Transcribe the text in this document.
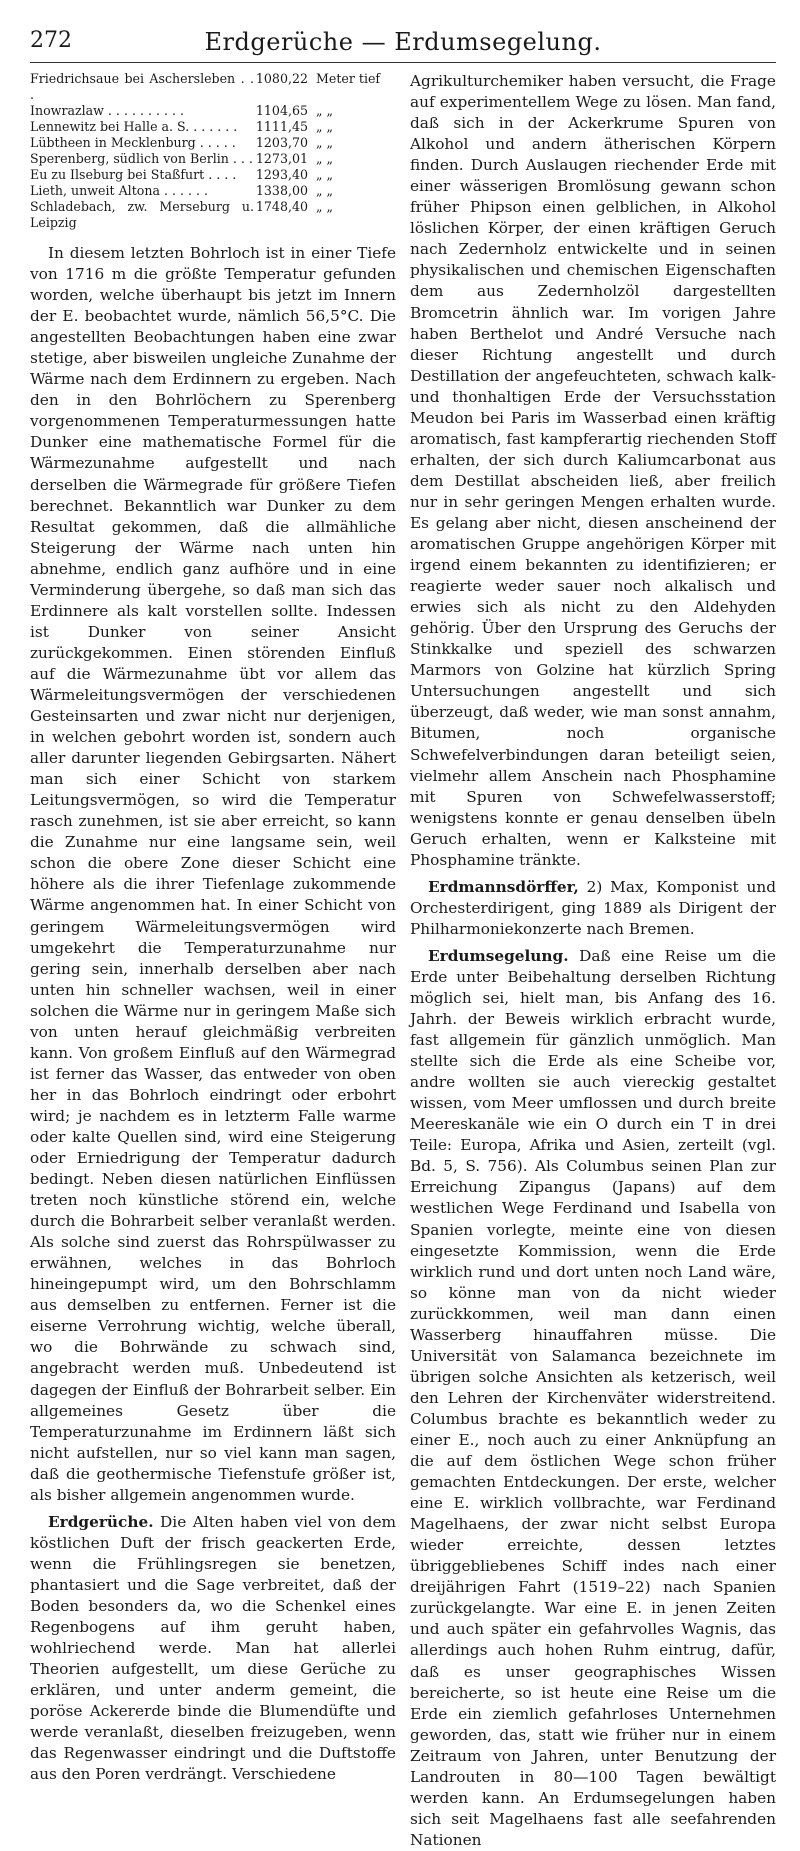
272	Erdgerüche — Erdumsegelung.
Friedrichsaue bei Aschersleben . . .	1080,22	Meter tief
Inowrazlaw . . . . . . . . . .	1104,65	„ „
Lennewitz bei Halle a. S. . . . . . .	1111,45	„ „
Lübtheen in Mecklenburg . . . . .	1203,70	„ „
Sperenberg, südlich von Berlin . . .	1273,01	„ „
Eu zu Ilseburg bei Staßfurt . . . .	1293,40	„ „
Lieth, unweit Altona . . . . . .	1338,00	„ „
Schladebach, zw. Merseburg u. Leipzig	1748,40	„ „

In diesem letzten Bohrloch ist in einer Tiefe von 1716 m die größte Temperatur gefunden worden, welche überhaupt bis jetzt im Innern der E. beobachtet wurde, nämlich 56,5°C. Die angestellten Beobachtungen haben eine zwar stetige, aber bisweilen ungleiche Zunahme der Wärme nach dem Erdinnern zu ergeben. Nach den in den Bohrlöchern zu Sperenberg vorgenommenen Temperaturmessungen hatte Dunker eine mathematische Formel für die Wärmezunahme aufgestellt und nach derselben die Wärmegrade für größere Tiefen berechnet. Bekanntlich war Dunker zu dem Resultat gekommen, daß die allmähliche Steigerung der Wärme nach unten hin abnehme, endlich ganz aufhöre und in eine Verminderung übergehe, so daß man sich das Erdinnere als kalt vorstellen sollte. Indessen ist Dunker von seiner Ansicht zurückgekommen. Einen störenden Einfluß auf die Wärmezunahme übt vor allem das Wärmeleitungsvermögen der verschiedenen Gesteinsarten und zwar nicht nur derjenigen, in welchen gebohrt worden ist, sondern auch aller darunter liegenden Gebirgsarten. Nähert man sich einer Schicht von starkem Leitungsvermögen, so wird die Temperatur rasch zunehmen, ist sie aber erreicht, so kann die Zunahme nur eine langsame sein, weil schon die obere Zone dieser Schicht eine höhere als die ihrer Tiefenlage zukommende Wärme angenommen hat. In einer Schicht von geringem Wärmeleitungsvermögen wird umgekehrt die Temperaturzunahme nur gering sein, innerhalb derselben aber nach unten hin schneller wachsen, weil in einer solchen die Wärme nur in geringem Maße sich von unten herauf gleichmäßig verbreiten kann. Von großem Einfluß auf den Wärmegrad ist ferner das Wasser, das entweder von oben her in das Bohrloch eindringt oder erbohrt wird; je nachdem es in letzterm Falle warme oder kalte Quellen sind, wird eine Steigerung oder Erniedrigung der Temperatur dadurch bedingt. Neben diesen natürlichen Einflüssen treten noch künstliche störend ein, welche durch die Bohrarbeit selber veranlaßt werden. Als solche sind zuerst das Rohrspülwasser zu erwähnen, welches in das Bohrloch hineingepumpt wird, um den Bohrschlamm aus demselben zu entfernen. Ferner ist die eiserne Verrohrung wichtig, welche überall, wo die Bohrwände zu schwach sind, angebracht werden muß. Unbedeutend ist dagegen der Einfluß der Bohrarbeit selber. Ein allgemeines Gesetz über die Temperaturzunahme im Erdinnern läßt sich nicht aufstellen, nur so viel kann man sagen, daß die geothermische Tiefenstufe größer ist, als bisher allgemein angenommen wurde.

Erdgerüche. Die Alten haben viel von dem köstlichen Duft der frisch geackerten Erde, wenn die Frühlingsregen sie benetzen, phantasiert und die Sage verbreitet, daß der Boden besonders da, wo die Schenkel eines Regenbogens auf ihm geruht haben, wohlriechend werde. Man hat allerlei Theorien aufgestellt, um diese Gerüche zu erklären, und unter anderm gemeint, die poröse Ackererde binde die Blumendüfte und werde veranlaßt, dieselben freizugeben, wenn das Regenwasser eindringt und die Duftstoffe aus den Poren verdrängt. Verschiedene

Agrikulturchemiker haben versucht, die Frage auf experimentellem Wege zu lösen. Man fand, daß sich in der Ackerkrume Spuren von Alkohol und andern ätherischen Körpern finden. Durch Auslaugen riechender Erde mit einer wässerigen Bromlösung gewann schon früher Phipson einen gelblichen, in Alkohol löslichen Körper, der einen kräftigen Geruch nach Zedernholz entwickelte und in seinen physikalischen und chemischen Eigenschaften dem aus Zedernholzöl dargestellten Bromcetrin ähnlich war. Im vorigen Jahre haben Berthelot und André Versuche nach dieser Richtung angestellt und durch Destillation der angefeuchteten, schwach kalk- und thonhaltigen Erde der Versuchsstation Meudon bei Paris im Wasserbad einen kräftig aromatisch, fast kampferartig riechenden Stoff erhalten, der sich durch Kaliumcarbonat aus dem Destillat abscheiden ließ, aber freilich nur in sehr geringen Mengen erhalten wurde. Es gelang aber nicht, diesen anscheinend der aromatischen Gruppe angehörigen Körper mit irgend einem bekannten zu identifizieren; er reagierte weder sauer noch alkalisch und erwies sich als nicht zu den Aldehyden gehörig. Über den Ursprung des Geruchs der Stinkkalke und speziell des schwarzen Marmors von Golzine hat kürzlich Spring Untersuchungen angestellt und sich überzeugt, daß weder, wie man sonst annahm, Bitumen, noch organische Schwefelverbindungen daran beteiligt seien, vielmehr allem Anschein nach Phosphamine mit Spuren von Schwefelwasserstoff; wenigstens konnte er genau denselben übeln Geruch erhalten, wenn er Kalksteine mit Phosphamine tränkte.

Erdmannsdörffer, 2) Max, Komponist und Orchesterdirigent, ging 1889 als Dirigent der Philharmoniekonzerte nach Bremen.

Erdumsegelung. Daß eine Reise um die Erde unter Beibehaltung derselben Richtung möglich sei, hielt man, bis Anfang des 16. Jahrh. der Beweis wirklich erbracht wurde, fast allgemein für gänzlich unmöglich. Man stellte sich die Erde als eine Scheibe vor, andre wollten sie auch viereckig gestaltet wissen, vom Meer umflossen und durch breite Meereskanäle wie ein O durch ein T in drei Teile: Europa, Afrika und Asien, zerteilt (vgl. Bd. 5, S. 756). Als Columbus seinen Plan zur Erreichung Zipangus (Japans) auf dem westlichen Wege Ferdinand und Isabella von Spanien vorlegte, meinte eine von diesen eingesetzte Kommission, wenn die Erde wirklich rund und dort unten noch Land wäre, so könne man von da nicht wieder zurückkommen, weil man dann einen Wasserberg hinauffahren müsse. Die Universität von Salamanca bezeichnete im übrigen solche Ansichten als ketzerisch, weil den Lehren der Kirchenväter widerstreitend. Columbus brachte es bekanntlich weder zu einer E., noch auch zu einer Anknüpfung an die auf dem östlichen Wege schon früher gemachten Entdeckungen. Der erste, welcher eine E. wirklich vollbrachte, war Ferdinand Magelhaens, der zwar nicht selbst Europa wieder erreichte, dessen letztes übriggebliebenes Schiff indes nach einer dreijährigen Fahrt (1519–22) nach Spanien zurückgelangte. War eine E. in jenen Zeiten und auch später ein gefahrvolles Wagnis, das allerdings auch hohen Ruhm eintrug, dafür, daß es unser geographisches Wissen bereicherte, so ist heute eine Reise um die Erde ein ziemlich gefahrloses Unternehmen geworden, das, statt wie früher nur in einem Zeitraum von Jahren, unter Benutzung der Landrouten in 80—100 Tagen bewältigt werden kann. An Erdumsegelungen haben sich seit Magelhaens fast alle seefahrenden Nationen
